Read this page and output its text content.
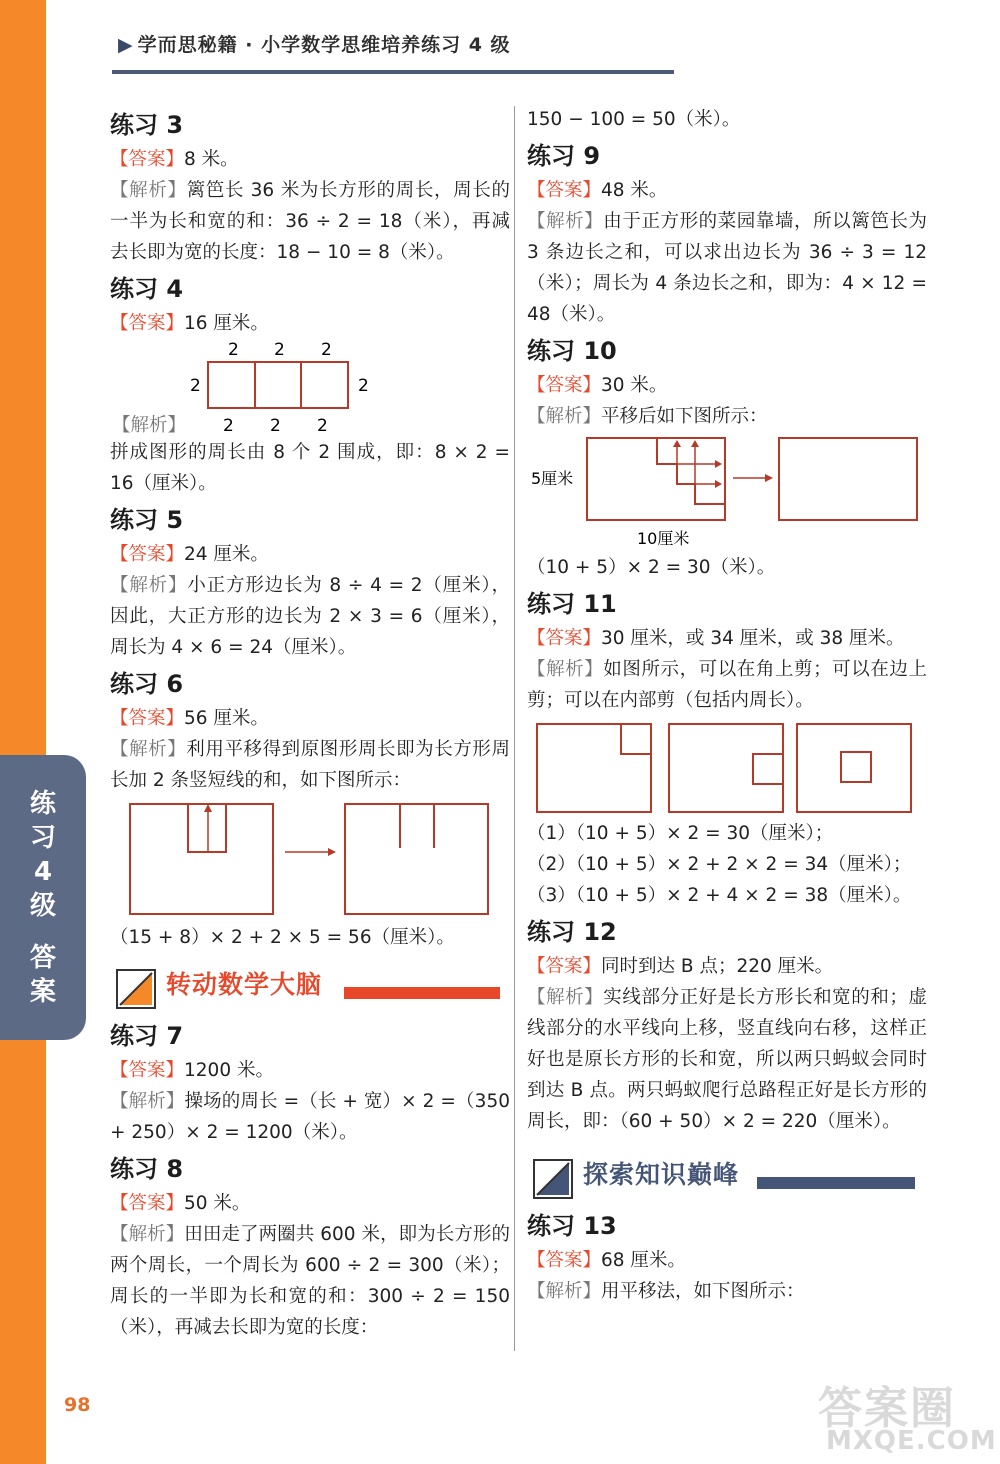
练
习
4
级
答
案
▶ 学而思秘籍 · 小学数学思维培养练习 4 级
练习 3

【答案】8 米。

【解析】篱笆长 36 米为长方形的周长，周长的一半为长和宽的和：36 ÷ 2 = 18（米），再减去长即为宽的长度：18 − 10 = 8（米）。

练习 4

【答案】16 厘米。

2 2 2
2	2
2 2 2
【解析】

拼成图形的周长由 8 个 2 围成，即：8 × 2 = 16（厘米）。

练习 5

【答案】24 厘米。

【解析】小正方形边长为 8 ÷ 4 = 2（厘米），因此，大正方形的边长为 2 × 3 = 6（厘米），周长为 4 × 6 = 24（厘米）。

练习 6

【答案】56 厘米。

【解析】利用平移得到原图形周长即为长方形周长加 2 条竖短线的和，如下图所示：

（15 + 8）× 2 + 2 × 5 = 56（厘米）。

转动数学大脑
练习 7

【答案】1200 米。

【解析】操场的周长 =（长 + 宽）× 2 =（350 + 250）× 2 = 1200（米）。

练习 8

【答案】50 米。

【解析】田田走了两圈共 600 米，即为长方形的两个周长，一个周长为 600 ÷ 2 = 300（米）；周长的一半即为长和宽的和：300 ÷ 2 = 150（米），再减去长即为宽的长度：

150 − 100 = 50（米）。

练习 9

【答案】48 米。

【解析】由于正方形的菜园靠墙，所以篱笆长为 3 条边长之和，可以求出边长为 36 ÷ 3 = 12（米）；周长为 4 条边长之和，即为：4 × 12 = 48（米）。

练习 10

【答案】30 米。

【解析】平移后如下图所示：

5厘米
10厘米

（10 + 5）× 2 = 30（米）。

练习 11

【答案】30 厘米，或 34 厘米，或 38 厘米。

【解析】如图所示，可以在角上剪；可以在边上剪；可以在内部剪（包括内周长）。

（1）（10 + 5）× 2 = 30（厘米）；

（2）（10 + 5）× 2 + 2 × 2 = 34（厘米）；

（3）（10 + 5）× 2 + 4 × 2 = 38（厘米）。

练习 12

【答案】同时到达 B 点；220 厘米。

【解析】实线部分正好是长方形长和宽的和；虚线部分的水平线向上移，竖直线向右移，这样正好也是原长方形的长和宽，所以两只蚂蚁会同时到达 B 点。两只蚂蚁爬行总路程正好是长方形的周长，即：（60 + 50）× 2 = 220（厘米）。

探索知识巅峰
练习 13

【答案】68 厘米。

【解析】用平移法，如下图所示：

98	答案圈
MXQE.COM
